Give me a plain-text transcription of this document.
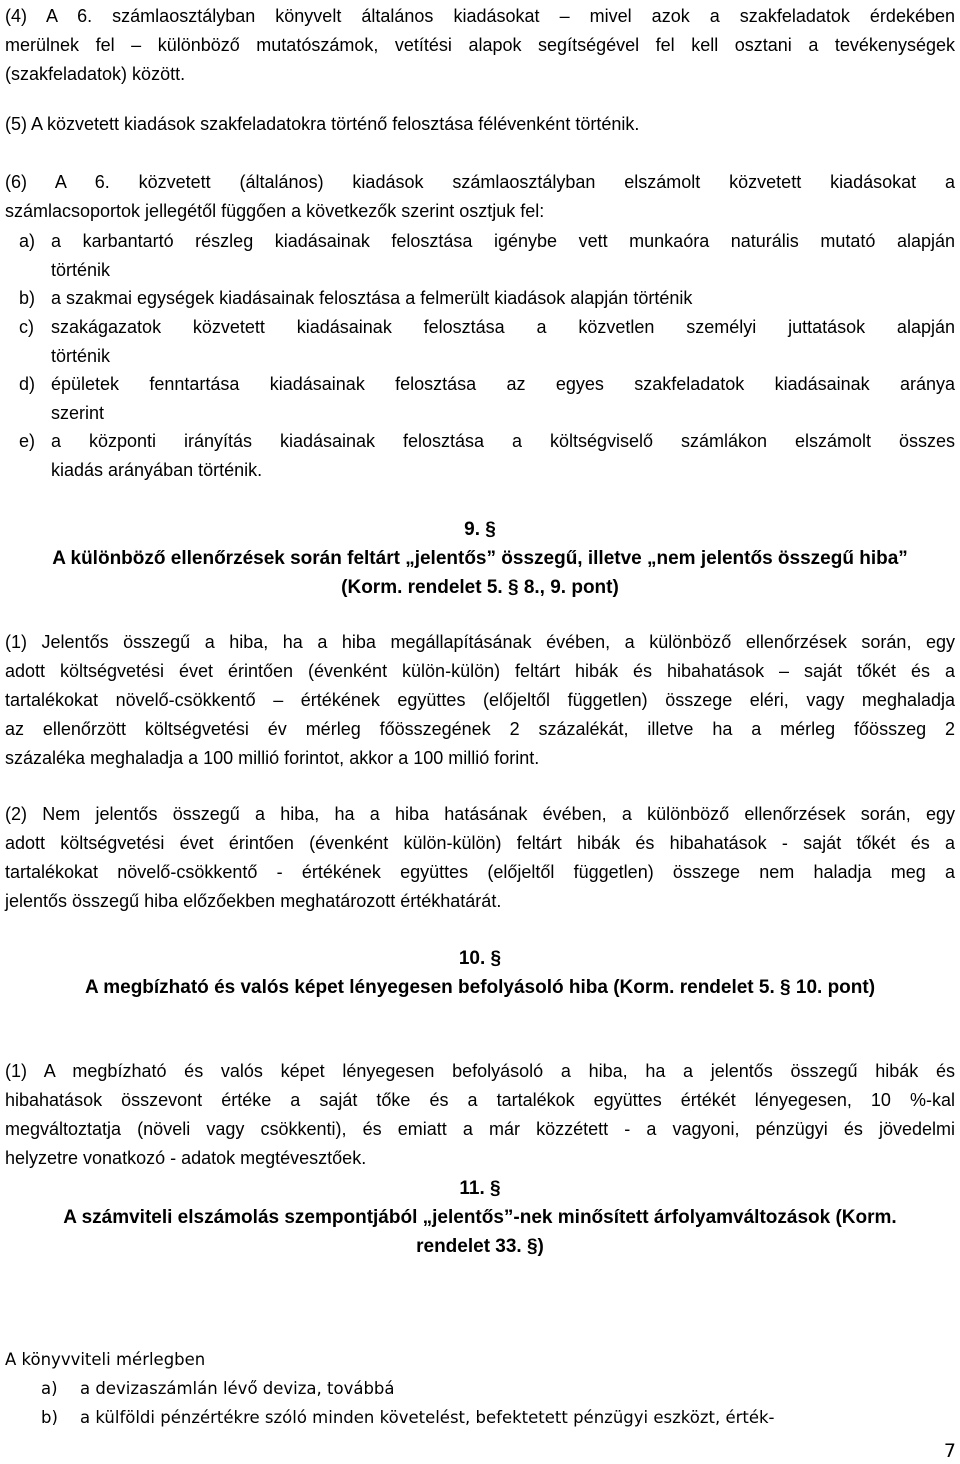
(4) A 6. számlaosztályban könyvelt általános kiadásokat – mivel azok a szakfeladatok érdekében
merülnek fel – különböző mutatószámok, vetítési alapok segítségével fel kell osztani a tevékenységek
(szakfeladatok) között.
(5) A közvetett kiadások szakfeladatokra történő felosztása félévenként történik.
(6) A 6. közvetett (általános) kiadások számlaosztályban elszámolt közvetett kiadásokat a
számlacsoportok jellegétől függően a következők szerint osztjuk fel:
a) a karbantartó részleg kiadásainak felosztása igénybe vett munkaóra naturális mutató alapján
történik
b) a szakmai egységek kiadásainak felosztása a felmerült kiadások alapján történik
c) szakágazatok közvetett kiadásainak felosztása a közvetlen személyi juttatások alapján
történik
d) épületek fenntartása kiadásainak felosztása az egyes szakfeladatok kiadásainak aránya
szerint
e) a központi irányítás kiadásainak felosztása a költségviselő számlákon elszámolt összes
kiadás arányában történik.
9. §
A különböző ellenőrzések során feltárt „jelentős” összegű, illetve „nem jelentős összegű hiba”
(Korm. rendelet 5. § 8., 9. pont)
(1) Jelentős összegű a hiba, ha a hiba megállapításának évében, a különböző ellenőrzések során, egy
adott költségvetési évet érintően (évenként külön-külön) feltárt hibák és hibahatások – saját tőkét és a
tartalékokat növelő-csökkentő – értékének együttes (előjeltől független) összege eléri, vagy meghaladja
az ellenőrzött költségvetési év mérleg főösszegének 2 százalékát, illetve ha a mérleg főösszeg 2
százaléka meghaladja a 100 millió forintot, akkor a 100 millió forint.
(2) Nem jelentős összegű a hiba, ha a hiba hatásának évében, a különböző ellenőrzések során, egy
adott költségvetési évet érintően (évenként külön-külön) feltárt hibák és hibahatások - saját tőkét és a
tartalékokat növelő-csökkentő - értékének együttes (előjeltől független) összege nem haladja meg a
jelentős összegű hiba előzőekben meghatározott értékhatárát.
10. §
A megbízható és valós képet lényegesen befolyásoló hiba (Korm. rendelet 5. § 10. pont)
(1) A megbízható és valós képet lényegesen befolyásoló a hiba, ha a jelentős összegű hibák és
hibahatások összevont értéke a saját tőke és a tartalékok együttes értékét lényegesen, 10 %-kal
megváltoztatja (növeli vagy csökkenti), és emiatt a már közzétett - a vagyoni, pénzügyi és jövedelmi
helyzetre vonatkozó - adatok megtévesztőek.
11. §
A számviteli elszámolás szempontjából „jelentős”-nek minősített árfolyamváltozások (Korm.
rendelet 33. §)
A könyvviteli mérlegben
a) a devizaszámlán lévő deviza, továbbá
b) a külföldi pénzértékre szóló minden követelést, befektetett pénzügyi eszközt, érték-
7
